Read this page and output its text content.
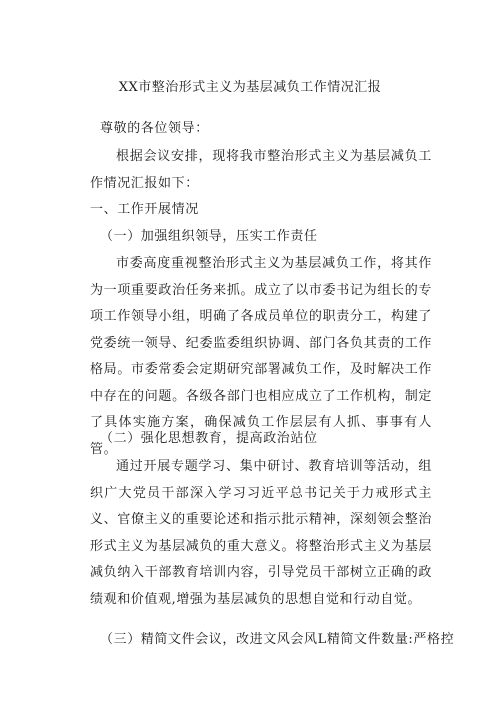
XX市整治形式主义为基层减负工作情况汇报
尊敬的各位领导：
根据会议安排，现将我市整治形式主义为基层减负工作情况汇报如下：
一、工作开展情况
（一）加强组织领导，压实工作责任
市委高度重视整治形式主义为基层减负工作，将其作为一项重要政治任务来抓。成立了以市委书记为组长的专项工作领导小组，明确了各成员单位的职责分工，构建了党委统一领导、纪委监委组织协调、部门各负其责的工作格局。市委常委会定期研究部署减负工作，及时解决工作中存在的问题。各级各部门也相应成立了工作机构，制定了具体实施方案，确保减负工作层层有人抓、事事有人管。
（二）强化思想教育，提高政治站位
通过开展专题学习、集中研讨、教育培训等活动，组织广大党员干部深入学习习近平总书记关于力戒形式主义、官僚主义的重要论述和指示批示精神，深刻领会整治形式主义为基层减负的重大意义。将整治形式主义为基层减负纳入干部教育培训内容，引导党员干部树立正确的政绩观和价值观,增强为基层减负的思想自觉和行动自觉。
（三）精简文件会议，改进文风会风L精简文件数量:严格控
